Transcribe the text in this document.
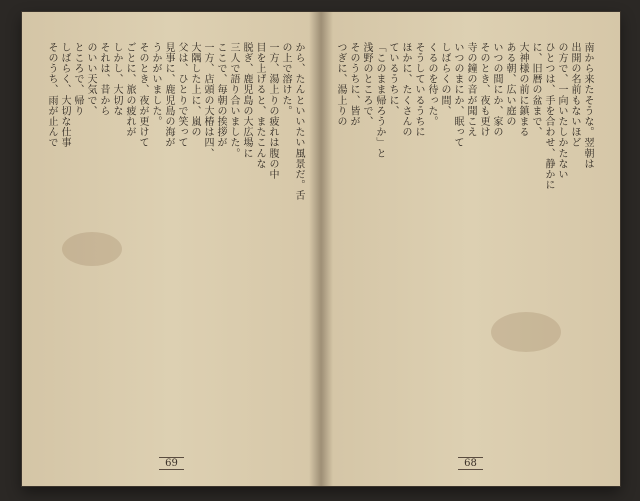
から、たんといいたい風景だ。舌
の上で溶けた。
一方、湯上りの疲れは腹の中
目を上げると、またこんな
脱ぎ、鹿児島の大広場に
三人で語り合いました。
ここで、毎朝の挨拶が
一方、店頭の大椿は四、
大隅した上に、嵐の
父は、ひとりで笑って
見事に、鹿児島の海が
うかがいました。
そのとき、夜が更けて
ごとに、旅の疲れが
しかし、大切な
それは、昔から
のいい天気で、
ところで、帰り
しばらく、大切な仕事
そのうち、雨が止んで
69
南から来たそうな。翌朝は
出開の名前もないほど
の方で、一向いたしかたない
ひとつは、手を合わせ、静かに
に、旧暦の盆まで、
大神様の前に鎮まる
ある朝、広い庭の
いつの間にか、家の
そのとき、夜も更け
寺の鐘の音が聞こえ
いつのまにか、眠って
しばらくの間、
くるのを待った。
そうしているうちに
ほかに、たくさんの
ているうちに、
「このまま帰ろうか」と
浅野のところで、
そのうちに、皆が
つぎに、湯上りの
68
